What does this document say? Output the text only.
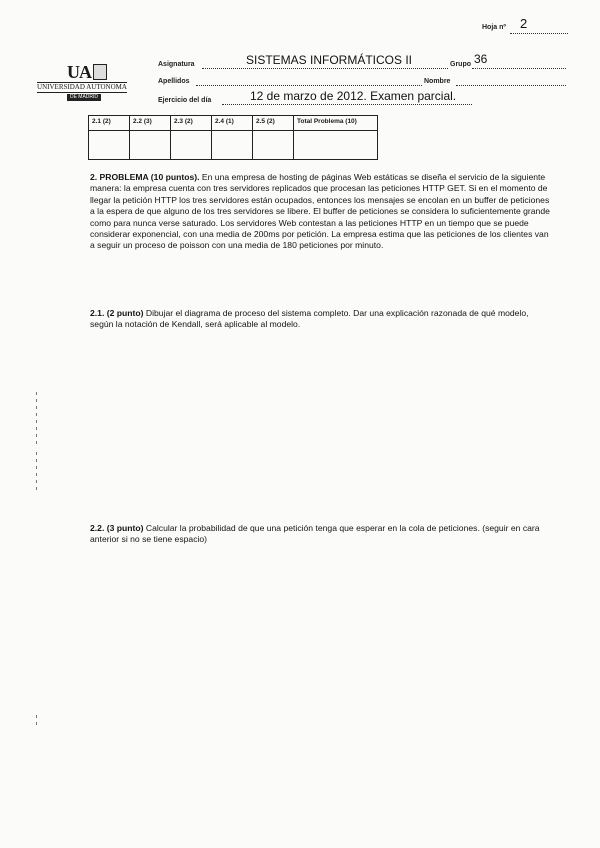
Hoja nº 2
UA
UNIVERSIDAD AUTONOMA
DE MADRID
Asignatura	SISTEMAS INFORMÁTICOS II	Grupo 36
Apellidos	Nombre
Ejercicio del día	12 de marzo de 2012. Examen parcial.
2.1 (2)	2.2 (3)	2.3 (2)	2.4 (1)	2.5 (2)	Total Problema (10)

2. PROBLEMA (10 puntos). En una empresa de hosting de páginas Web estáticas se diseña el servicio de la siguiente manera: la empresa cuenta con tres servidores replicados que procesan las peticiones HTTP GET. Si en el momento de llegar la petición HTTP los tres servidores están ocupados, entonces los mensajes se encolan en un buffer de peticiones a la espera de que alguno de los tres servidores se libere. El buffer de peticiones se considera lo suficientemente grande como para nunca verse saturado. Los servidores Web contestan a las peticiones HTTP en un tiempo que se puede considerar exponencial, con una media de 200ms por petición. La empresa estima que las peticiones de los clientes van a seguir un proceso de poisson con una media de 180 peticiones por minuto.
2.1. (2 punto) Dibujar el diagrama de proceso del sistema completo. Dar una explicación razonada de qué modelo, según la notación de Kendall, será aplicable al modelo.
2.2. (3 punto) Calcular la probabilidad de que una petición tenga que esperar en la cola de peticiones. (seguir en cara anterior si no se tiene espacio)
